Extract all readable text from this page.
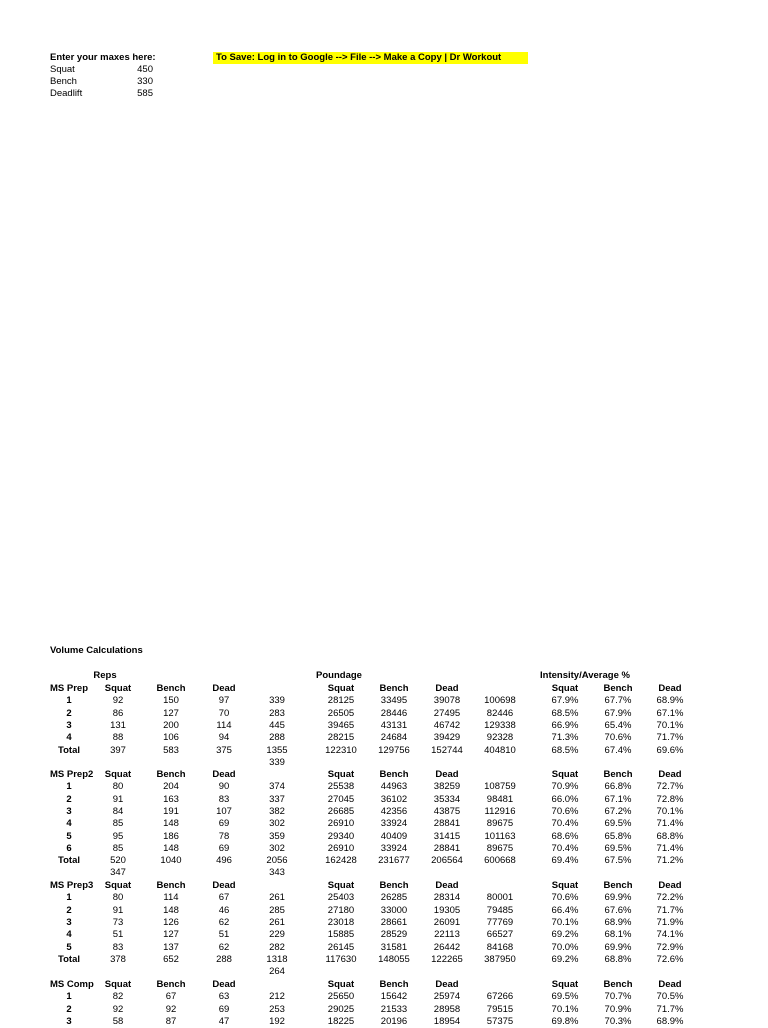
Enter your maxes here:
Squat	450
Bench	330
Deadlift	585
To Save: Log in to Google --> File --> Make a Copy | Dr Workout
Volume Calculations
Reps	Poundage	Intensity/Average %
MS Prep	Squat	Bench	Dead	Squat	Bench	Dead	Squat	Bench	Dead
1	92	150	97	339	28125	33495	39078	100698	67.9%	67.7%	68.9%
2	86	127	70	283	26505	28446	27495	82446	68.5%	67.9%	67.1%
3	131	200	114	445	39465	43131	46742	129338	66.9%	65.4%	70.1%
4	88	106	94	288	28215	24684	39429	92328	71.3%	70.6%	71.7%
Total	397	583	375	1355	122310	129756	152744	404810	68.5%	67.4%	69.6%
339
MS Prep2	Squat	Bench	Dead	Squat	Bench	Dead	Squat	Bench	Dead
1	80	204	90	374	25538	44963	38259	108759	70.9%	66.8%	72.7%
2	91	163	83	337	27045	36102	35334	98481	66.0%	67.1%	72.8%
3	84	191	107	382	26685	42356	43875	112916	70.6%	67.2%	70.1%
4	85	148	69	302	26910	33924	28841	89675	70.4%	69.5%	71.4%
5	95	186	78	359	29340	40409	31415	101163	68.6%	65.8%	68.8%
6	85	148	69	302	26910	33924	28841	89675	70.4%	69.5%	71.4%
Total	520	1040	496	2056	162428	231677	206564	600668	69.4%	67.5%	71.2%
347	343
MS Prep3	Squat	Bench	Dead	Squat	Bench	Dead	Squat	Bench	Dead
1	80	114	67	261	25403	26285	28314	80001	70.6%	69.9%	72.2%
2	91	148	46	285	27180	33000	19305	79485	66.4%	67.6%	71.7%
3	73	126	62	261	23018	28661	26091	77769	70.1%	68.9%	71.9%
4	51	127	51	229	15885	28529	22113	66527	69.2%	68.1%	74.1%
5	83	137	62	282	26145	31581	26442	84168	70.0%	69.9%	72.9%
Total	378	652	288	1318	117630	148055	122265	387950	69.2%	68.8%	72.6%
264
MS Comp	Squat	Bench	Dead	Squat	Bench	Dead	Squat	Bench	Dead
1	82	67	63	212	25650	15642	25974	67266	69.5%	70.7%	70.5%
2	92	92	69	253	29025	21533	28958	79515	70.1%	70.9%	71.7%
3	58	87	47	192	18225	20196	18954	57375	69.8%	70.3%	68.9%
